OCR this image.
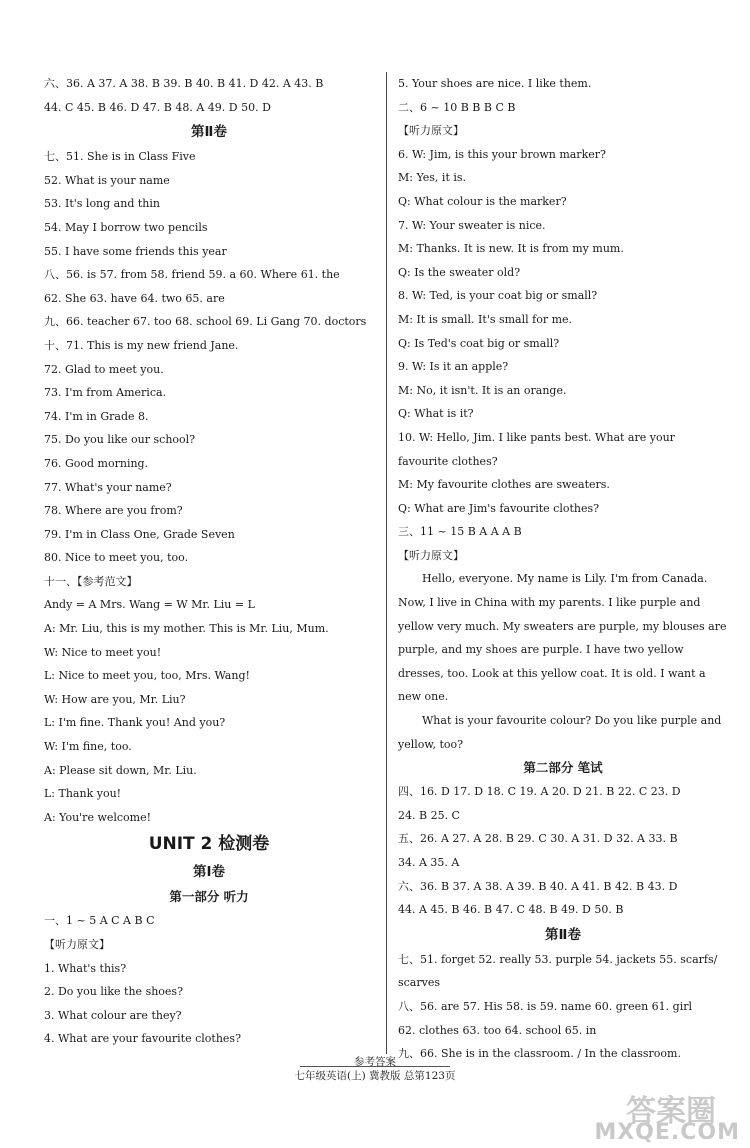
六、36. A 37. A 38. B 39. B 40. B 41. D 42. A 43. B
44. C 45. B 46. D 47. B 48. A 49. D 50. D
第Ⅱ卷
七、51. She is in Class Five
52. What is your name
53. It's long and thin
54. May I borrow two pencils
55. I have some friends this year
八、56. is 57. from 58. friend 59. a 60. Where 61. the
62. She 63. have 64. two 65. are
九、66. teacher 67. too 68. school 69. Li Gang 70. doctors
十、71. This is my new friend Jane.
72. Glad to meet you.
73. I'm from America.
74. I'm in Grade 8.
75. Do you like our school?
76. Good morning.
77. What's your name?
78. Where are you from?
79. I'm in Class One, Grade Seven
80. Nice to meet you, too.
十一、【参考范文】
Andy = A Mrs. Wang = W Mr. Liu = L
A: Mr. Liu, this is my mother. This is Mr. Liu, Mum.
W: Nice to meet you!
L: Nice to meet you, too, Mrs. Wang!
W: How are you, Mr. Liu?
L: I'm fine. Thank you! And you?
W: I'm fine, too.
A: Please sit down, Mr. Liu.
L: Thank you!
A: You're welcome!
UNIT 2 检测卷
第Ⅰ卷
第一部分 听力
一、1 ~ 5 A C A B C
【听力原文】
1. What's this?
2. Do you like the shoes?
3. What colour are they?
4. What are your favourite clothes?
5. Your shoes are nice. I like them.
二、6 ~ 10 B B B C B
【听力原文】
6. W: Jim, is this your brown marker?
M: Yes, it is.
Q: What colour is the marker?
7. W: Your sweater is nice.
M: Thanks. It is new. It is from my mum.
Q: Is the sweater old?
8. W: Ted, is your coat big or small?
M: It is small. It's small for me.
Q: Is Ted's coat big or small?
9. W: Is it an apple?
M: No, it isn't. It is an orange.
Q: What is it?
10. W: Hello, Jim. I like pants best. What are your favourite clothes?
M: My favourite clothes are sweaters.
Q: What are Jim's favourite clothes?
三、11 ~ 15 B A A A B
【听力原文】
Hello, everyone. My name is Lily. I'm from Canada. Now, I live in China with my parents. I like purple and yellow very much. My sweaters are purple, my blouses are purple, and my shoes are purple. I have two yellow dresses, too. Look at this yellow coat. It is old. I want a new one.
What is your favourite colour? Do you like purple and yellow, too?
第二部分 笔试
四、16. D 17. D 18. C 19. A 20. D 21. B 22. C 23. D
24. B 25. C
五、26. A 27. A 28. B 29. C 30. A 31. D 32. A 33. B
34. A 35. A
六、36. B 37. A 38. A 39. B 40. A 41. B 42. B 43. D
44. A 45. B 46. B 47. C 48. B 49. D 50. B
第Ⅱ卷
七、51. forget 52. really 53. purple 54. jackets 55. scarfs/ scarves
八、56. are 57. His 58. is 59. name 60. green 61. girl
62. clothes 63. too 64. school 65. in
九、66. She is in the classroom. / In the classroom.
参考答案
七年级英语(上) 冀教版 总第123页
答案圈
MXQE.COM
